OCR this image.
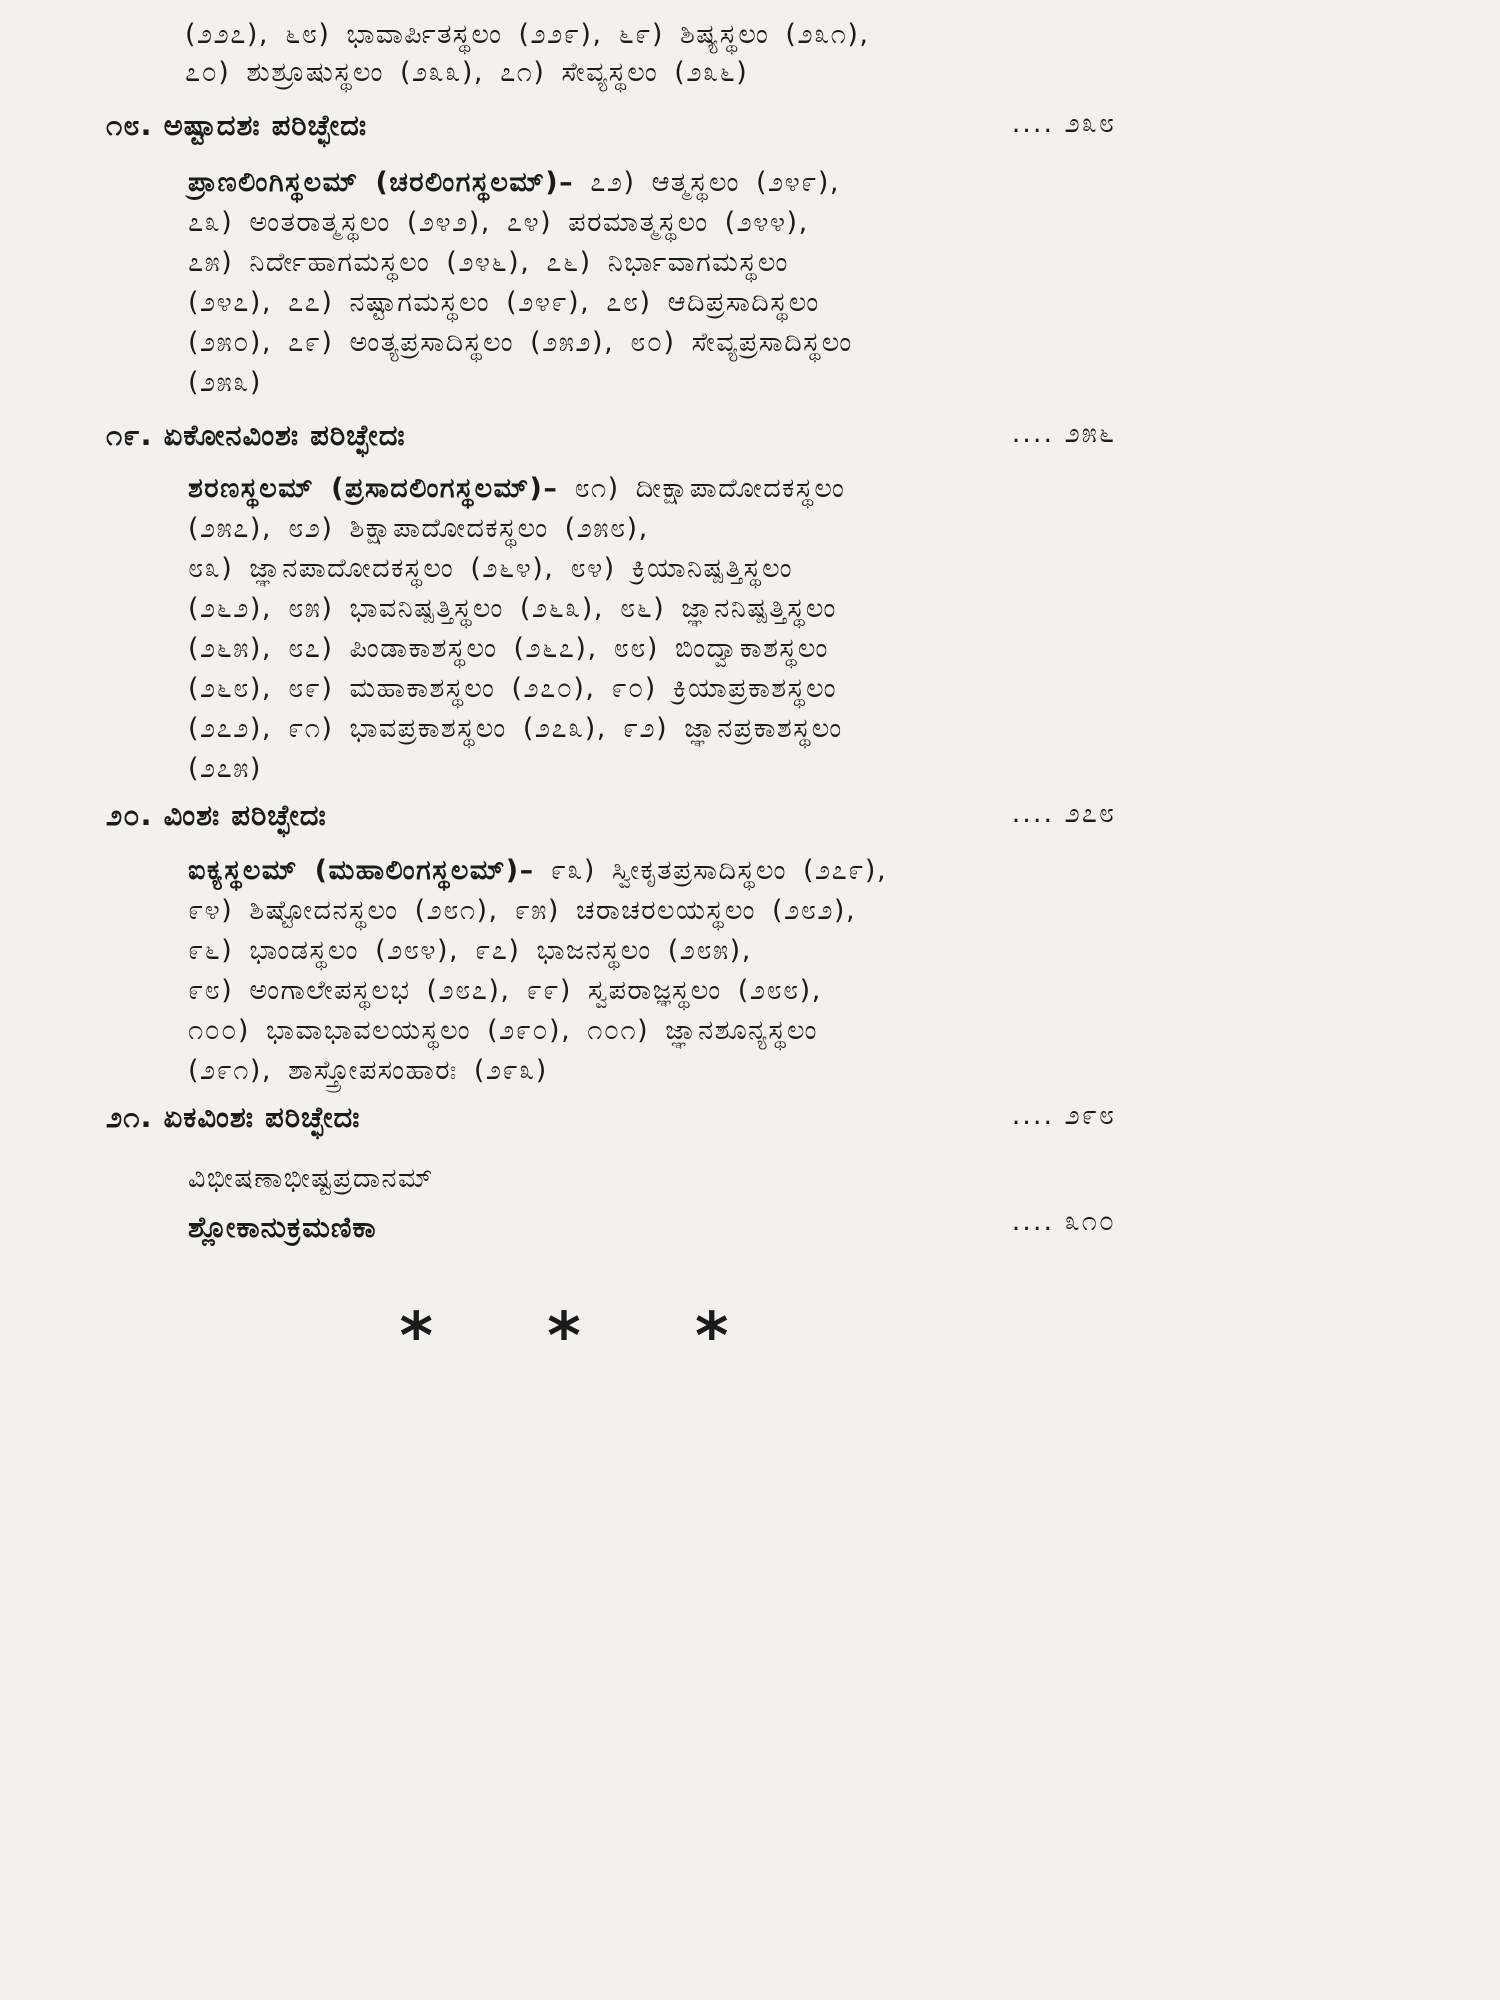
(೨೨೭), ೬೮) ಭಾವಾರ್ಪಿತಸ್ಥಲಂ (೨೨೯), ೬೯) ಶಿಷ್ಯಸ್ಥಲಂ (೨೩೧),
೭೦) ಶುಶ್ರೂಷುಸ್ಥಲಂ (೨೩೩), ೭೧) ಸೇವ್ಯಸ್ಥಲಂ (೨೩೬)
೧೮. ಅಷ್ಟಾದಶಃ ಪರಿಚ್ಛೇದಃ	.... ೨೩೮
ಪ್ರಾಣಲಿಂಗಿಸ್ಥಲಮ್ (ಚರಲಿಂಗಸ್ಥಲಮ್)– ೭೨) ಆತ್ಮಸ್ಥಲಂ (೨೪೯),
೭೩) ಅಂತರಾತ್ಮಸ್ಥಲಂ (೨೪೨), ೭೪) ಪರಮಾತ್ಮಸ್ಥಲಂ (೨೪೪),
೭೫) ನಿರ್ದೇಹಾಗಮಸ್ಥಲಂ (೨೪೬), ೭೬) ನಿರ್ಭಾವಾಗಮಸ್ಥಲಂ
(೨೪೭), ೭೭) ನಷ್ಟಾಗಮಸ್ಥಲಂ (೨೪೯), ೭೮) ಆದಿಪ್ರಸಾದಿಸ್ಥಲಂ
(೨೫೦), ೭೯) ಅಂತ್ಯಪ್ರಸಾದಿಸ್ಥಲಂ (೨೫೨), ೮೦) ಸೇವ್ಯಪ್ರಸಾದಿಸ್ಥಲಂ
(೨೫೩)
೧೯. ಏಕೋನವಿಂಶಃ ಪರಿಚ್ಛೇದಃ	.... ೨೫೬
ಶರಣಸ್ಥಲಮ್ (ಪ್ರಸಾದಲಿಂಗಸ್ಥಲಮ್)– ೮೧) ದೀಕ್ಷಾಪಾದೋದಕಸ್ಥಲಂ
(೨೫೭), ೮೨) ಶಿಕ್ಷಾಪಾದೋದಕಸ್ಥಲಂ (೨೫೮),
೮೩) ಜ್ಞಾನಪಾದೋದಕಸ್ಥಲಂ (೨೬೪), ೮೪) ಕ್ರಿಯಾನಿಷ್ಪತ್ತಿಸ್ಥಲಂ
(೨೬೨), ೮೫) ಭಾವನಿಷ್ಪತ್ತಿಸ್ಥಲಂ (೨೬೩), ೮೬) ಜ್ಞಾನನಿಷ್ಪತ್ತಿಸ್ಥಲಂ
(೨೬೫), ೮೭) ಪಿಂಡಾಕಾಶಸ್ಥಲಂ (೨೬೭), ೮೮) ಬಿಂದ್ವಾಕಾಶಸ್ಥಲಂ
(೨೬೮), ೮೯) ಮಹಾಕಾಶಸ್ಥಲಂ (೨೭೦), ೯೦) ಕ್ರಿಯಾಪ್ರಕಾಶಸ್ಥಲಂ
(೨೭೨), ೯೧) ಭಾವಪ್ರಕಾಶಸ್ಥಲಂ (೨೭೩), ೯೨) ಜ್ಞಾನಪ್ರಕಾಶಸ್ಥಲಂ
(೨೭೫)
೨೦. ವಿಂಶಃ ಪರಿಚ್ಛೇದಃ	.... ೨೭೮
ಐಕ್ಯಸ್ಥಲಮ್ (ಮಹಾಲಿಂಗಸ್ಥಲಮ್)– ೯೩) ಸ್ವೀಕೃತಪ್ರಸಾದಿಸ್ಥಲಂ (೨೭೯),
೯೪) ಶಿಷ್ಟೋದನಸ್ಥಲಂ (೨೮೧), ೯೫) ಚರಾಚರಲಯಸ್ಥಲಂ (೨೮೨),
೯೬) ಭಾಂಡಸ್ಥಲಂ (೨೮೪), ೯೭) ಭಾಜನಸ್ಥಲಂ (೨೮೫),
೯೮) ಅಂಗಾಲೇಪಸ್ಥಲಭ (೨೮೭), ೯೯) ಸ್ವಪರಾಜ್ಞಸ್ಥಲಂ (೨೮೮),
೧೦೦) ಭಾವಾಭಾವಲಯಸ್ಥಲಂ (೨೯೦), ೧೦೧) ಜ್ಞಾನಶೂನ್ಯಸ್ಥಲಂ
(೨೯೧), ಶಾಸ್ತ್ರೋಪಸಂಹಾರಃ (೨೯೩)
೨೧. ಏಕವಿಂಶಃ ಪರಿಚ್ಛೇದಃ	.... ೨೯೮
ವಿಭೀಷಣಾಭೀಷ್ಟಪ್ರದಾನಮ್
ಶ್ಲೋಕಾನುಕ್ರಮಣಿಕಾ	.... ೩೧೦
* * *
